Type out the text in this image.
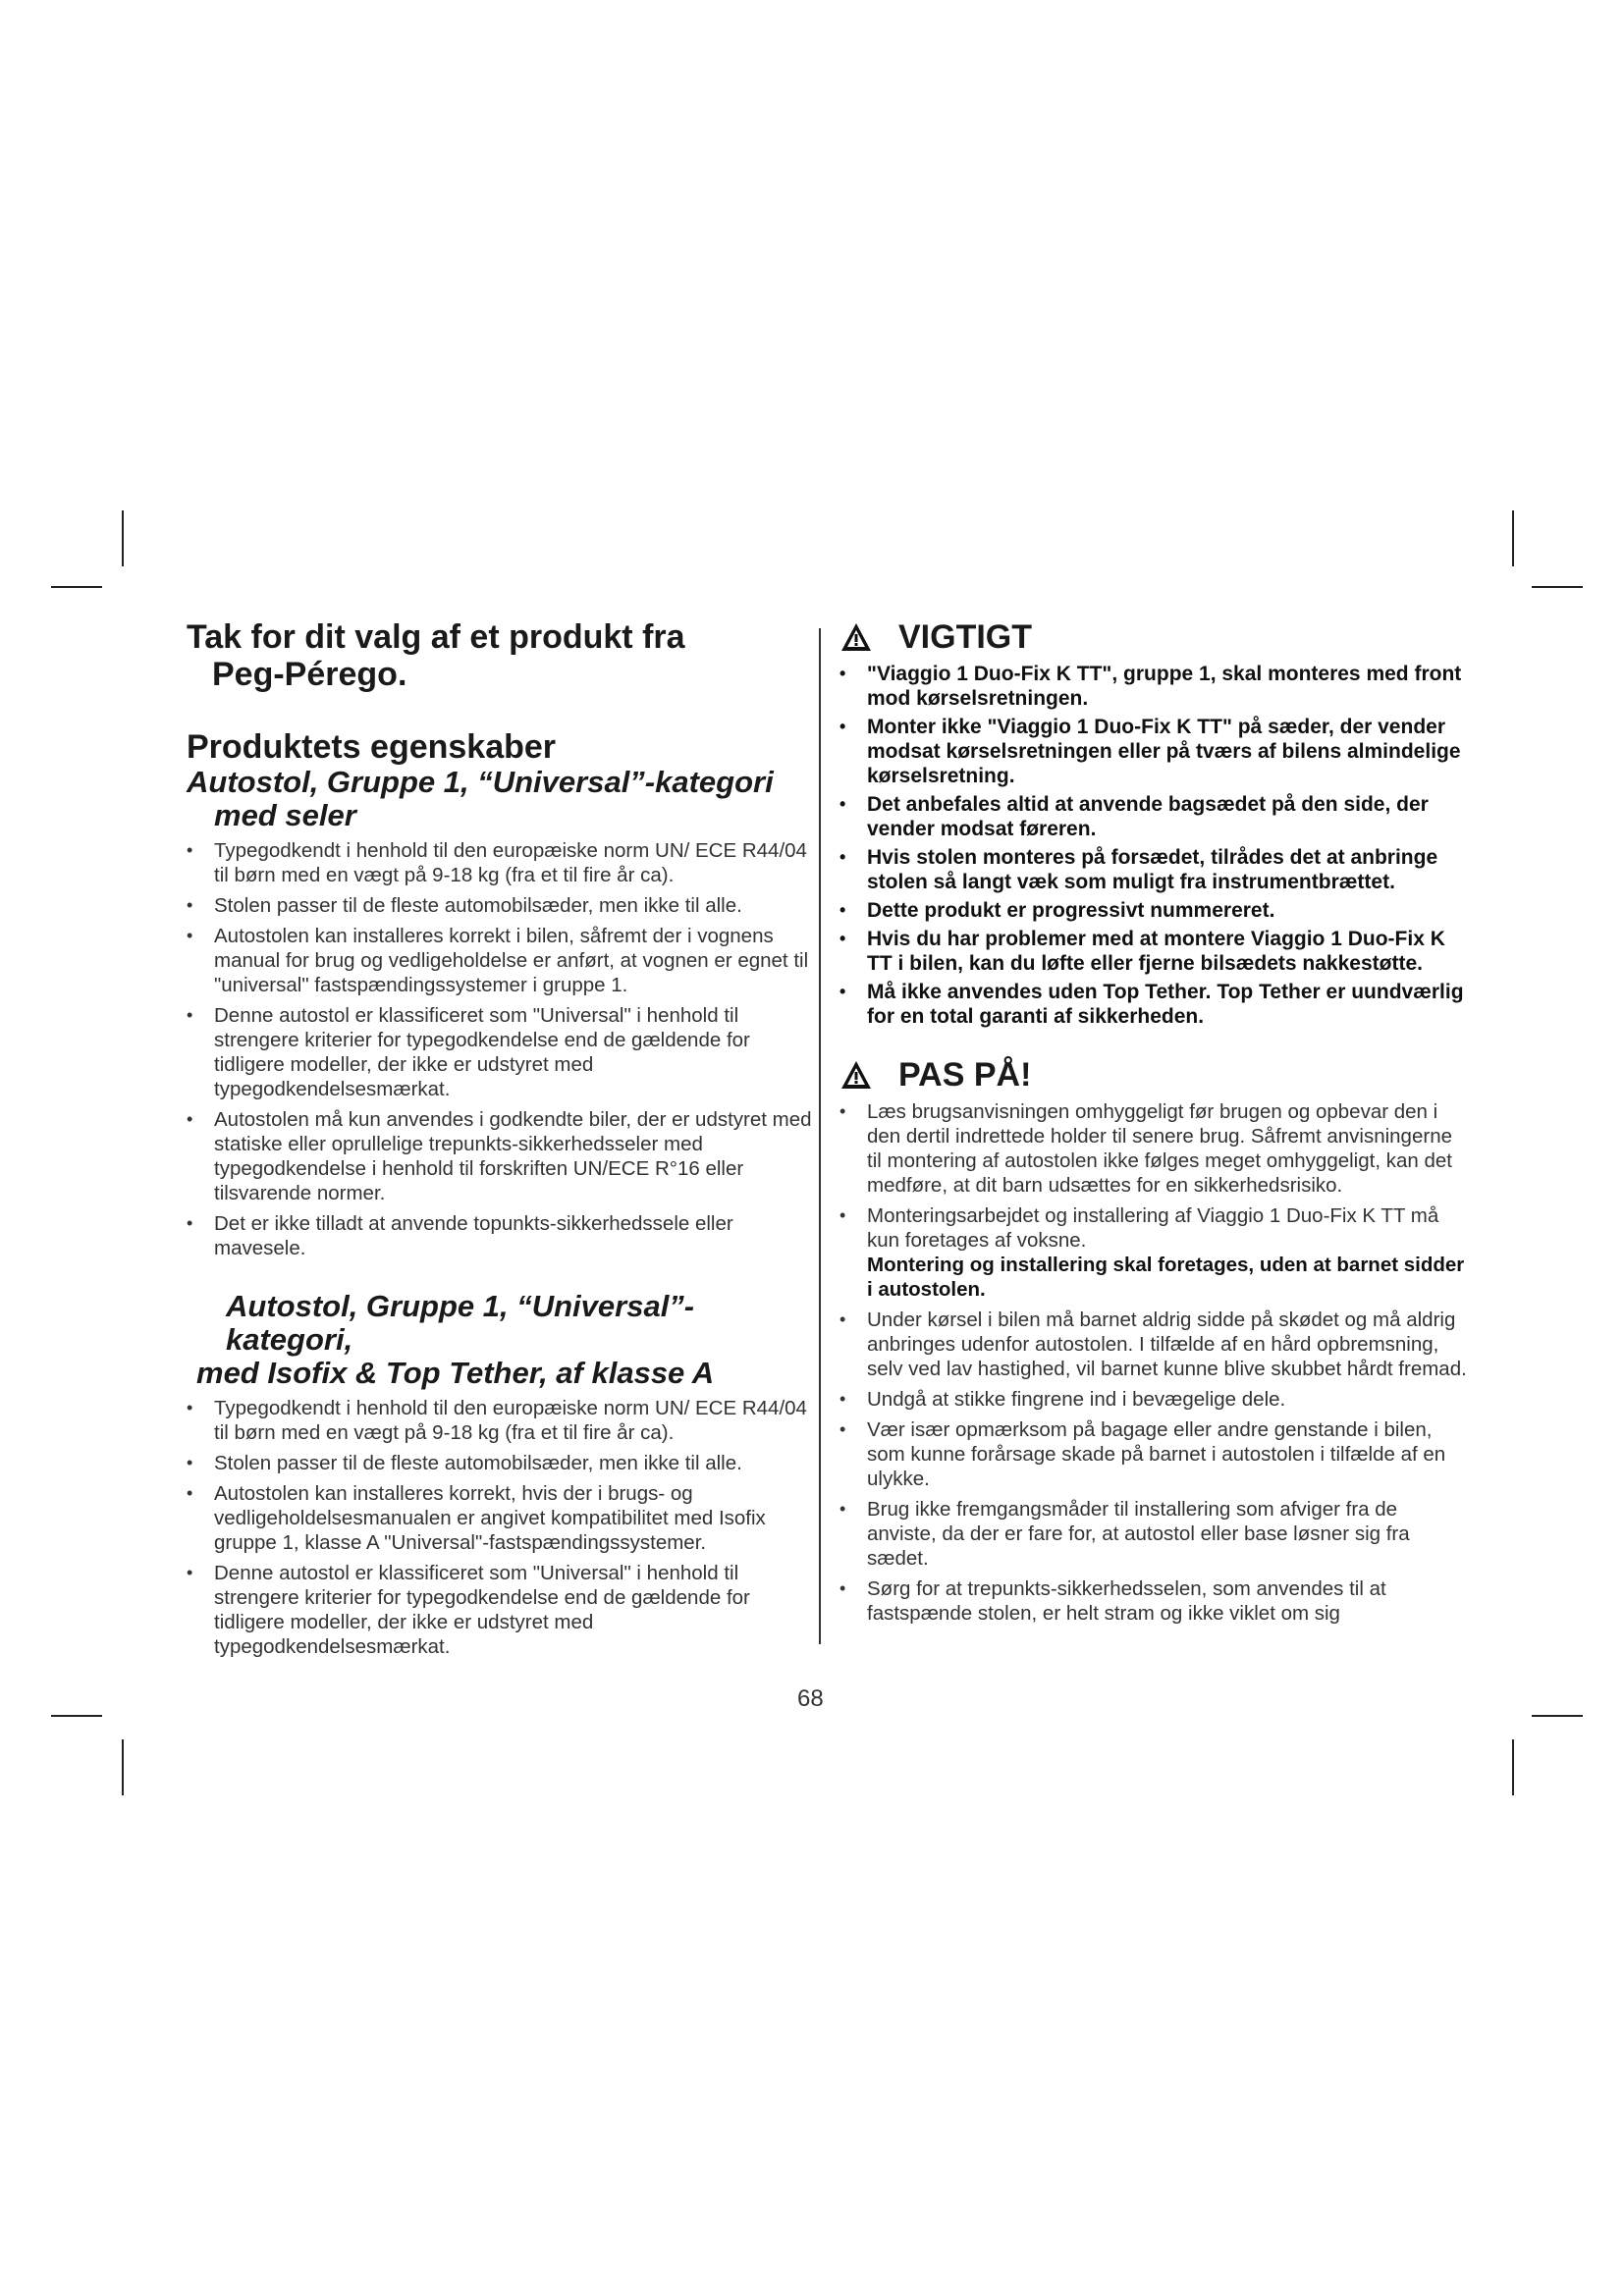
Tak for dit valg af et produkt fra
Peg-Pérego.
Produktets egenskaber
Autostol, Gruppe 1, “Universal”-kategori
med seler
• Typegodkendt i henhold til den europæiske norm UN/ ECE R44/04 til børn med en vægt på 9-18 kg (fra et til fire år ca).
• Stolen passer til de fleste automobilsæder, men ikke til alle.
• Autostolen kan installeres korrekt i bilen, såfremt der i vognens manual for brug og vedligeholdelse er anført, at vognen er egnet til "universal" fastspændingssystemer i gruppe 1.
• Denne autostol er klassificeret som "Universal" i henhold til strengere kriterier for typegodkendelse end de gældende for tidligere modeller, der ikke er udstyret med typegodkendelsesmærkat.
• Autostolen må kun anvendes i godkendte biler, der er udstyret med statiske eller oprullelige trepunkts-sikkerhedsseler med typegodkendelse i henhold til forskriften UN/ECE R°16 eller tilsvarende normer.
• Det er ikke tilladt at anvende topunkts-sikkerhedssele eller mavesele.
Autostol, Gruppe 1, “Universal”-kategori,
med Isofix & Top Tether, af klasse A
• Typegodkendt i henhold til den europæiske norm UN/ ECE R44/04 til børn med en vægt på 9-18 kg (fra et til fire år ca).
• Stolen passer til de fleste automobilsæder, men ikke til alle.
• Autostolen kan installeres korrekt, hvis der i brugs- og vedligeholdelsesmanualen er angivet kompatibilitet med Isofix gruppe 1, klasse A "Universal"-fastspændingssystemer.
• Denne autostol er klassificeret som "Universal" i henhold til strengere kriterier for typegodkendelse end de gældende for tidligere modeller, der ikke er udstyret med typegodkendelsesmærkat.
VIGTIGT
• "Viaggio 1 Duo-Fix K TT", gruppe 1, skal monteres med front mod kørselsretningen.
• Monter ikke "Viaggio 1 Duo-Fix K TT" på sæder, der vender modsat kørselsretningen eller på tværs af bilens almindelige kørselsretning.
• Det anbefales altid at anvende bagsædet på den side, der vender modsat føreren.
• Hvis stolen monteres på forsædet, tilrådes det at anbringe stolen så langt væk som muligt fra instrumentbrættet.
• Dette produkt er progressivt nummereret.
• Hvis du har problemer med at montere Viaggio 1 Duo-Fix K TT i bilen, kan du løfte eller fjerne bilsædets nakkestøtte.
• Må ikke anvendes uden Top Tether. Top Tether er uundværlig for en total garanti af sikkerheden.
PAS PÅ!
• Læs brugsanvisningen omhyggeligt før brugen og opbevar den i den dertil indrettede holder til senere brug. Såfremt anvisningerne til montering af autostolen ikke følges meget omhyggeligt, kan det medføre, at dit barn udsættes for en sikkerhedsrisiko.
• Monteringsarbejdet og installering af Viaggio 1 Duo-Fix K TT må kun foretages af voksne.
Montering og installering skal foretages, uden at barnet sidder i autostolen.
• Under kørsel i bilen må barnet aldrig sidde på skødet og må aldrig anbringes udenfor autostolen. I tilfælde af en hård opbremsning, selv ved lav hastighed, vil barnet kunne blive skubbet hårdt fremad.
• Undgå at stikke fingrene ind i bevægelige dele.
• Vær især opmærksom på bagage eller andre genstande i bilen, som kunne forårsage skade på barnet i autostolen i tilfælde af en ulykke.
• Brug ikke fremgangsmåder til installering som afviger fra de anviste, da der er fare for, at autostol eller base løsner sig fra sædet.
• Sørg for at trepunkts-sikkerhedsselen, som anvendes til at fastspænde stolen, er helt stram og ikke viklet om sig
68
